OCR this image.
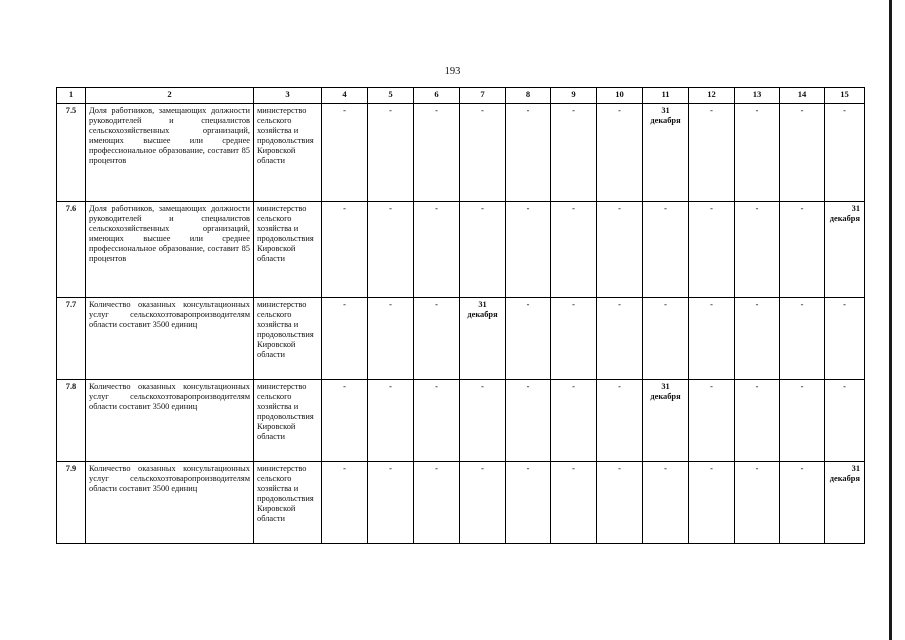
193
1	2	3	4	5	6	7	8	9	10	11	12	13	14	15
7.5	Доля работников, замещающих должности руководителей и специалистов сельскохозяйственных организаций, имеющих высшее или среднее профессиональное образование, составит 85 процентов	министерство сельского хозяйства и продовольствия Кировской области	-	-	-	-	-	-	-	31 декабря	-	-	-	-
7.6	Доля работников, замещающих должности руководителей и специалистов сельскохозяйственных организаций, имеющих высшее или среднее профессиональное образование, составит 85 процентов	министерство сельского хозяйства и продовольствия Кировской области	-	-	-	-	-	-	-	-	-	-	-	31 декабря
7.7	Количество оказанных консультационных услуг сельскохозтоваропроизводителям области составит 3500 единиц	министерство сельского хозяйства и продовольствия Кировской области	-	-	-	31 декабря	-	-	-	-	-	-	-	-
7.8	Количество оказанных консультационных услуг сельскохозтоваропроизводителям области составит 3500 единиц	министерство сельского хозяйства и продовольствия Кировской области	-	-	-	-	-	-	-	31 декабря	-	-	-	-
7.9	Количество оказанных консультационных услуг сельскохозтоваропроизводителям области составит 3500 единиц	министерство сельского хозяйства и продовольствия Кировской области	-	-	-	-	-	-	-	-	-	-	-	31 декабря
